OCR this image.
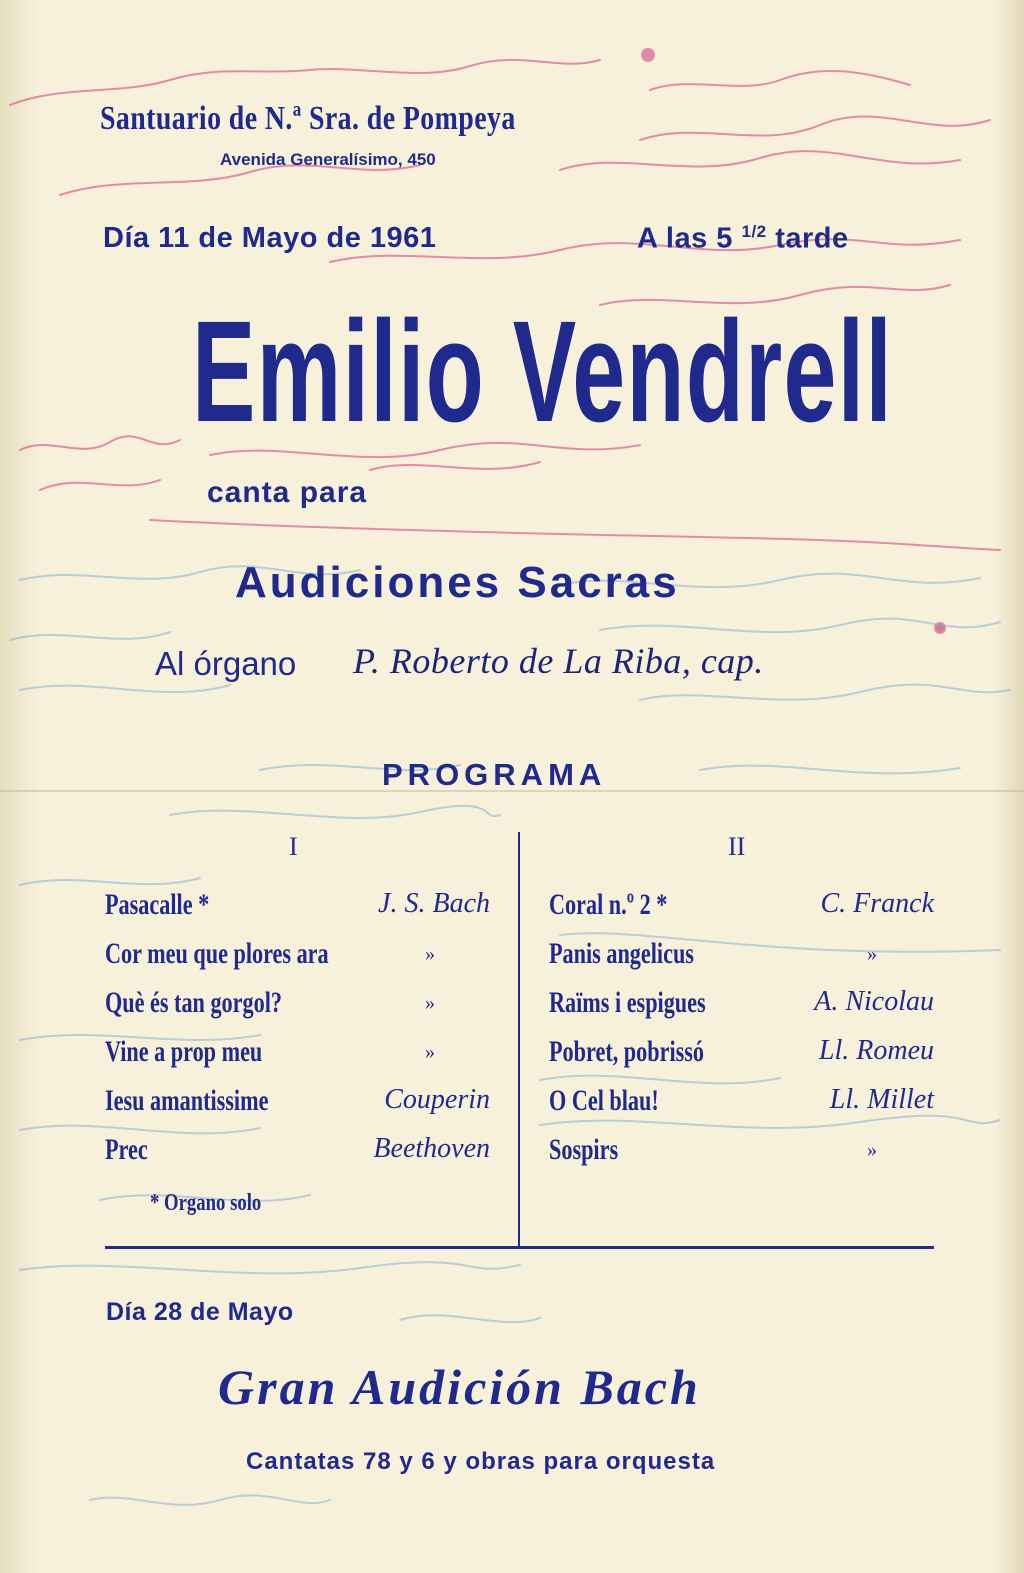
Santuario de N.ª Sra. de Pompeya
Avenida Generalísimo, 450
Día 11 de Mayo de 1961	A las 5 $^{1/2}$ tarde
Emilio Vendrell
canta para
Audiciones Sacras
Al órgano P. Roberto de La Riba, cap.
PROGRAMA
I	II
Pasacalle *	J. S. Bach
Cor meu que plores ara	»
Què és tan gorgol?	»
Vine a prop meu	»
Iesu amantissime	Couperin
Prec	Beethoven
* Organo solo
Coral n.º 2 *	C. Franck
Panis angelicus	»
Raïms i espigues	A. Nicolau
Pobret, pobrissó	Ll. Romeu
O Cel blau!	Ll. Millet
Sospirs	»
Día 28 de Mayo
Gran Audición Bach
Cantatas 78 y 6 y obras para orquesta
